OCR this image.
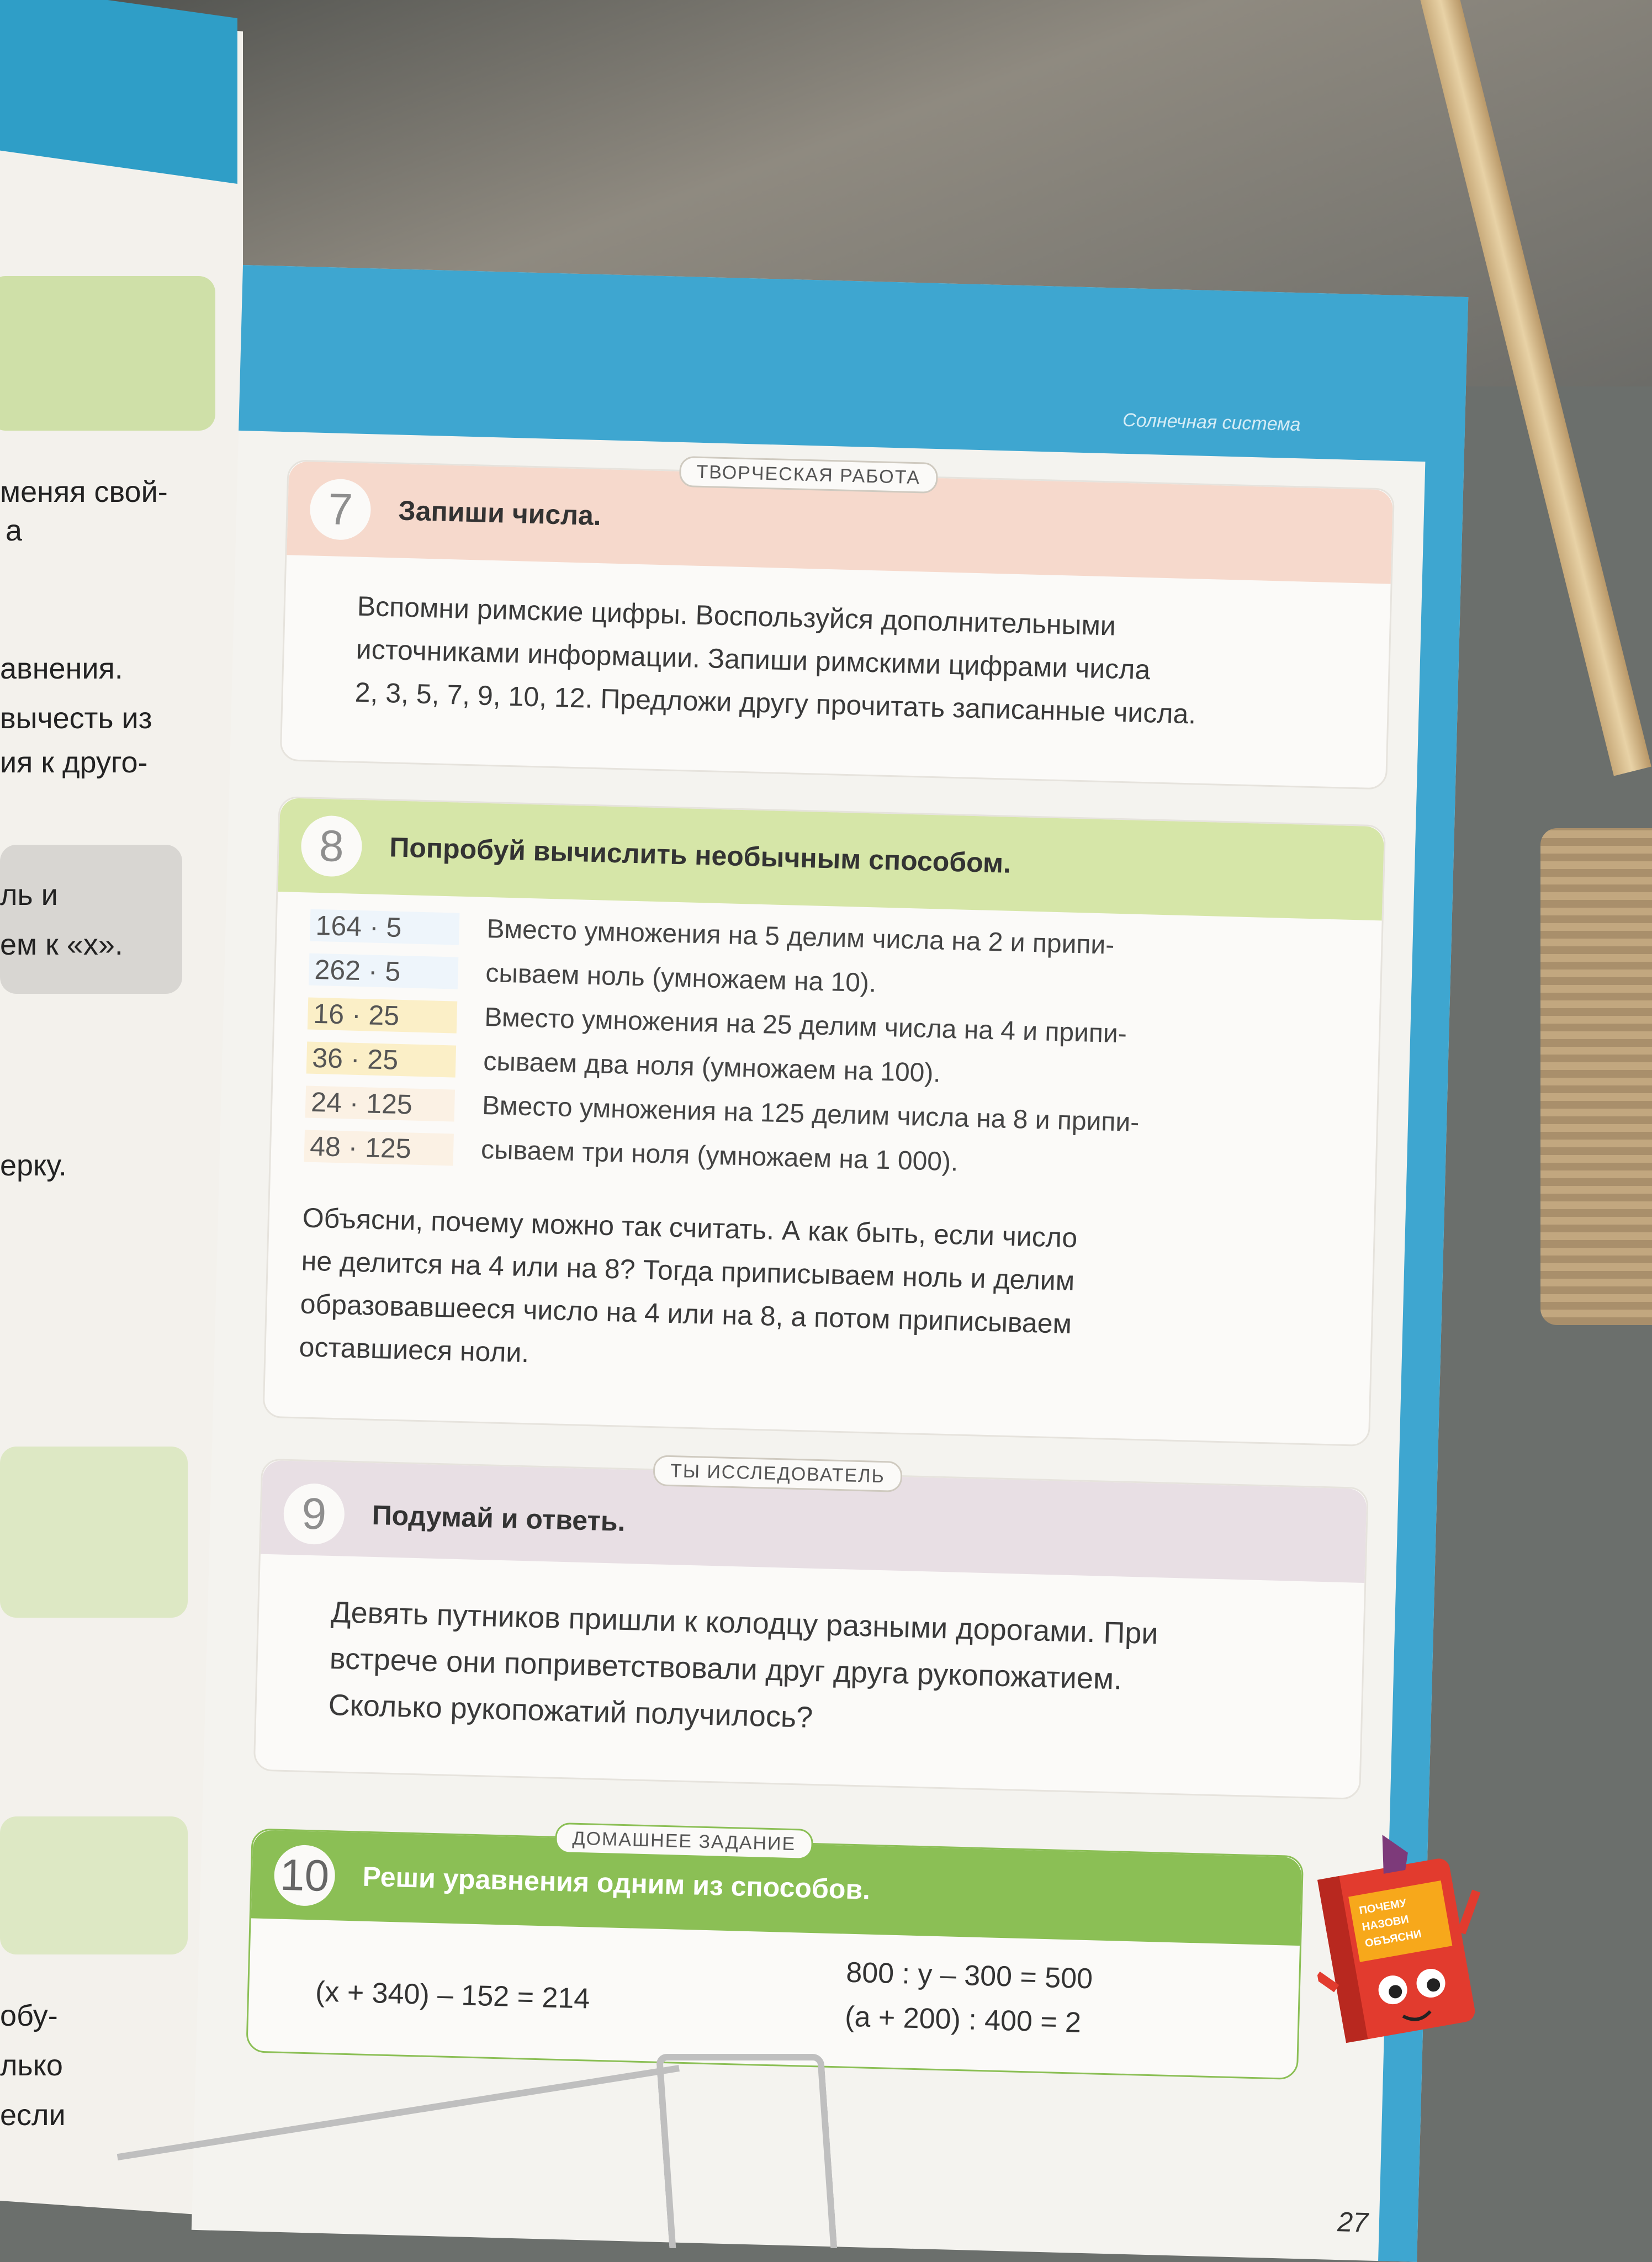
меняя свой-
а
авнения.
вычесть из
ия к друго-
ль и
ем к «х».
ерку.
обу-
лько
если
Солнечная система
7	Запиши числа.
Вспомни римские цифры. Воспользуйся дополнительными
источниками информации. Запиши римскими цифрами числа
2, 3, 5, 7, 9, 10, 12. Предложи другу прочитать записанные числа.
ТВОРЧЕСКАЯ РАБОТА
8	Попробуй вычислить необычным способом.
164 · 5	Вместо умножения на 5 делим числа на 2 и припи-
262 · 5	сываем ноль (умножаем на 10).
16 · 25	Вместо умножения на 25 делим числа на 4 и припи-
36 · 25	сываем два ноля (умножаем на 100).
24 · 125	Вместо умножения на 125 делим числа на 8 и припи-
48 · 125	сываем три ноля (умножаем на 1 000).
Объясни, почему можно так считать. А как быть, если число
не делится на 4 или на 8? Тогда приписываем ноль и делим
образовавшееся число на 4 или на 8, а потом приписываем
оставшиеся ноли.
9	Подумай и ответь.
Девять путников пришли к колодцу разными дорогами. При
встрече они поприветствовали друг друга рукопожатием.
Сколько рукопожатий получилось?
ТЫ ИССЛЕДОВАТЕЛЬ
10 Реши уравнения одним из способов.
(x + 340) – 152 = 214
800 : y – 300 = 500
(a + 200) : 400 = 2
ДОМАШНЕЕ ЗАДАНИЕ
27
ПОЧЕМУ
НАЗОВИ
ОБЪЯСНИ
